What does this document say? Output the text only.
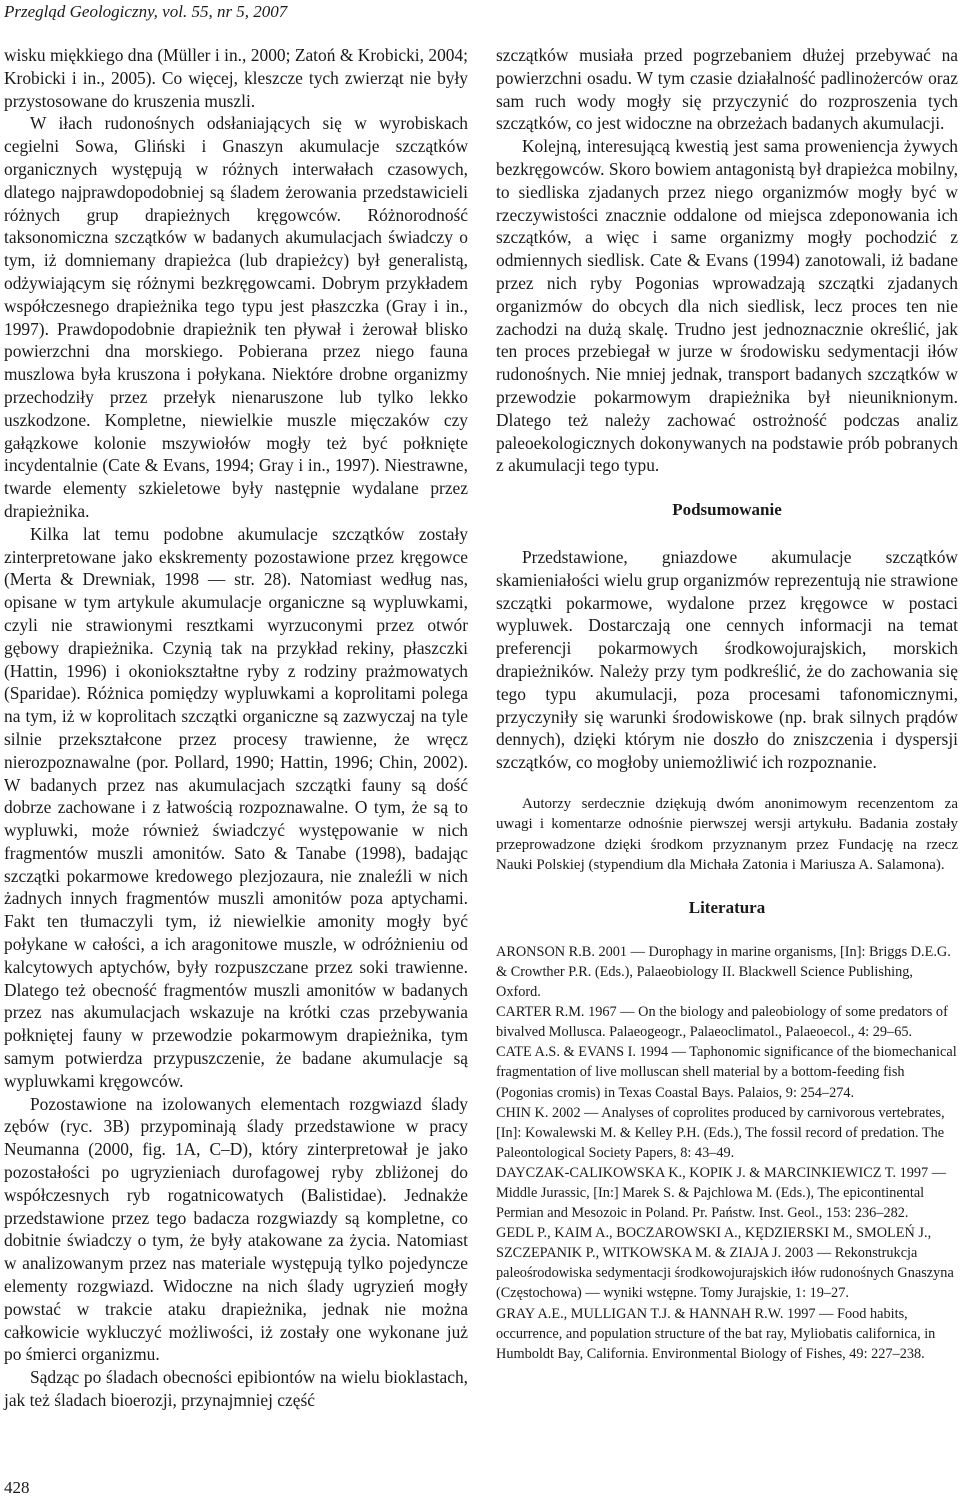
Przegląd Geologiczny, vol. 55, nr 5, 2007

wisku miękkiego dna (Müller i in., 2000; Zatoń & Krobicki, 2004; Krobicki i in., 2005). Co więcej, kleszcze tych zwierząt nie były przystosowane do kruszenia muszli.

W iłach rudonośnych odsłaniających się w wyrobiskach cegielni Sowa, Gliński i Gnaszyn akumulacje szczątków organicznych występują w różnych interwałach czasowych, dlatego najprawdopodobniej są śladem żerowania przedstawicieli różnych grup drapieżnych kręgowców. Różnorodność taksonomiczna szczątków w badanych akumulacjach świadczy o tym, iż domniemany drapieżca (lub drapieżcy) był generalistą, odżywiającym się różnymi bezkręgowcami. Dobrym przykładem współczesnego drapieżnika tego typu jest płaszczka (Gray i in., 1997). Prawdopodobnie drapieżnik ten pływał i żerował blisko powierzchni dna morskiego. Pobierana przez niego fauna muszlowa była kruszona i połykana. Niektóre drobne organizmy przechodziły przez przełyk nienaruszone lub tylko lekko uszkodzone. Kompletne, niewielkie muszle mięczaków czy gałązkowe kolonie mszywiołów mogły też być połknięte incydentalnie (Cate & Evans, 1994; Gray i in., 1997). Niestrawne, twarde elementy szkieletowe były następnie wydalane przez drapieżnika.

Kilka lat temu podobne akumulacje szczątków zostały zinterpretowane jako ekskrementy pozostawione przez kręgowce (Merta & Drewniak, 1998 — str. 28). Natomiast według nas, opisane w tym artykule akumulacje organiczne są wypluwkami, czyli nie strawionymi resztkami wyrzuconymi przez otwór gębowy drapieżnika. Czynią tak na przykład rekiny, płaszczki (Hattin, 1996) i okoniokształtne ryby z rodziny prażmowatych (Sparidae). Różnica pomiędzy wypluwkami a koprolitami polega na tym, iż w koprolitach szczątki organiczne są zazwyczaj na tyle silnie przekształcone przez procesy trawienne, że wręcz nierozpoznawalne (por. Pollard, 1990; Hattin, 1996; Chin, 2002). W badanych przez nas akumulacjach szczątki fauny są dość dobrze zachowane i z łatwością rozpoznawalne. O tym, że są to wypluwki, może również świadczyć występowanie w nich fragmentów muszli amonitów. Sato & Tanabe (1998), badając szczątki pokarmowe kredowego plezjozaura, nie znaleźli w nich żadnych innych fragmentów muszli amonitów poza aptychami. Fakt ten tłumaczyli tym, iż niewielkie amonity mogły być połykane w całości, a ich aragonitowe muszle, w odróżnieniu od kalcytowych aptychów, były rozpuszczane przez soki trawienne. Dlatego też obecność fragmentów muszli amonitów w badanych przez nas akumulacjach wskazuje na krótki czas przebywania połkniętej fauny w przewodzie pokarmowym drapieżnika, tym samym potwierdza przypuszczenie, że badane akumulacje są wypluwkami kręgowców.

Pozostawione na izolowanych elementach rozgwiazd ślady zębów (ryc. 3B) przypominają ślady przedstawione w pracy Neumanna (2000, fig. 1A, C–D), który zinterpretował je jako pozostałości po ugryzieniach durofagowej ryby zbliżonej do współczesnych ryb rogatnicowatych (Balistidae). Jednakże przedstawione przez tego badacza rozgwiazdy są kompletne, co dobitnie świadczy o tym, że były atakowane za życia. Natomiast w analizowanym przez nas materiale występują tylko pojedyncze elementy rozgwiazd. Widoczne na nich ślady ugryzień mogły powstać w trakcie ataku drapieżnika, jednak nie można całkowicie wykluczyć możliwości, iż zostały one wykonane już po śmierci organizmu.

Sądząc po śladach obecności epibiontów na wielu bioklastach, jak też śladach bioerozji, przynajmniej część

szczątków musiała przed pogrzebaniem dłużej przebywać na powierzchni osadu. W tym czasie działalność padlinożerców oraz sam ruch wody mogły się przyczynić do rozproszenia tych szczątków, co jest widoczne na obrzeżach badanych akumulacji.

Kolejną, interesującą kwestią jest sama proweniencja żywych bezkręgowców. Skoro bowiem antagonistą był drapieżca mobilny, to siedliska zjadanych przez niego organizmów mogły być w rzeczywistości znacznie oddalone od miejsca zdeponowania ich szczątków, a więc i same organizmy mogły pochodzić z odmiennych siedlisk. Cate & Evans (1994) zanotowali, iż badane przez nich ryby Pogonias wprowadzają szczątki zjadanych organizmów do obcych dla nich siedlisk, lecz proces ten nie zachodzi na dużą skalę. Trudno jest jednoznacznie określić, jak ten proces przebiegał w jurze w środowisku sedymentacji iłów rudonośnych. Nie mniej jednak, transport badanych szczątków w przewodzie pokarmowym drapieżnika był nieuniknionym. Dlatego też należy zachować ostrożność podczas analiz paleoekologicznych dokonywanych na podstawie prób pobranych z akumulacji tego typu.

Podsumowanie

Przedstawione, gniazdowe akumulacje szczątków skamieniałości wielu grup organizmów reprezentują nie strawione szczątki pokarmowe, wydalone przez kręgowce w postaci wypluwek. Dostarczają one cennych informacji na temat preferencji pokarmowych środkowojurajskich, morskich drapieżników. Należy przy tym podkreślić, że do zachowania się tego typu akumulacji, poza procesami tafonomicznymi, przyczyniły się warunki środowiskowe (np. brak silnych prądów dennych), dzięki którym nie doszło do zniszczenia i dyspersji szczątków, co mogłoby uniemożliwić ich rozpoznanie.

Autorzy serdecznie dziękują dwóm anonimowym recenzentom za uwagi i komentarze odnośnie pierwszej wersji artykułu. Badania zostały przeprowadzone dzięki środkom przyznanym przez Fundację na rzecz Nauki Polskiej (stypendium dla Michała Zatonia i Mariusza A. Salamona).

Literatura

ARONSON R.B. 2001 — Durophagy in marine organisms, [In]: Briggs D.E.G. & Crowther P.R. (Eds.), Palaeobiology II. Blackwell Science Publishing, Oxford.

CARTER R.M. 1967 — On the biology and paleobiology of some predators of bivalved Mollusca. Palaeogeogr., Palaeoclimatol., Palaeoecol., 4: 29–65.

CATE A.S. & EVANS I. 1994 — Taphonomic significance of the biomechanical fragmentation of live molluscan shell material by a bottom-feeding fish (Pogonias cromis) in Texas Coastal Bays. Palaios, 9: 254–274.

CHIN K. 2002 — Analyses of coprolites produced by carnivorous vertebrates, [In]: Kowalewski M. & Kelley P.H. (Eds.), The fossil record of predation. The Paleontological Society Papers, 8: 43–49.

DAYCZAK-CALIKOWSKA K., KOPIK J. & MARCINKIEWICZ T. 1997 — Middle Jurassic, [In:] Marek S. & Pajchlowa M. (Eds.), The epicontinental Permian and Mesozoic in Poland. Pr. Państw. Inst. Geol., 153: 236–282.

GEDL P., KAIM A., BOCZAROWSKI A., KĘDZIERSKI M., SMOLEŃ J., SZCZEPANIK P., WITKOWSKA M. & ZIAJA J. 2003 — Rekonstrukcja paleośrodowiska sedymentacji środkowojurajskich iłów rudonośnych Gnaszyna (Częstochowa) — wyniki wstępne. Tomy Jurajskie, 1: 19–27.

GRAY A.E., MULLIGAN T.J. & HANNAH R.W. 1997 — Food habits, occurrence, and population structure of the bat ray, Myliobatis californica, in Humboldt Bay, California. Environmental Biology of Fishes, 49: 227–238.

428
